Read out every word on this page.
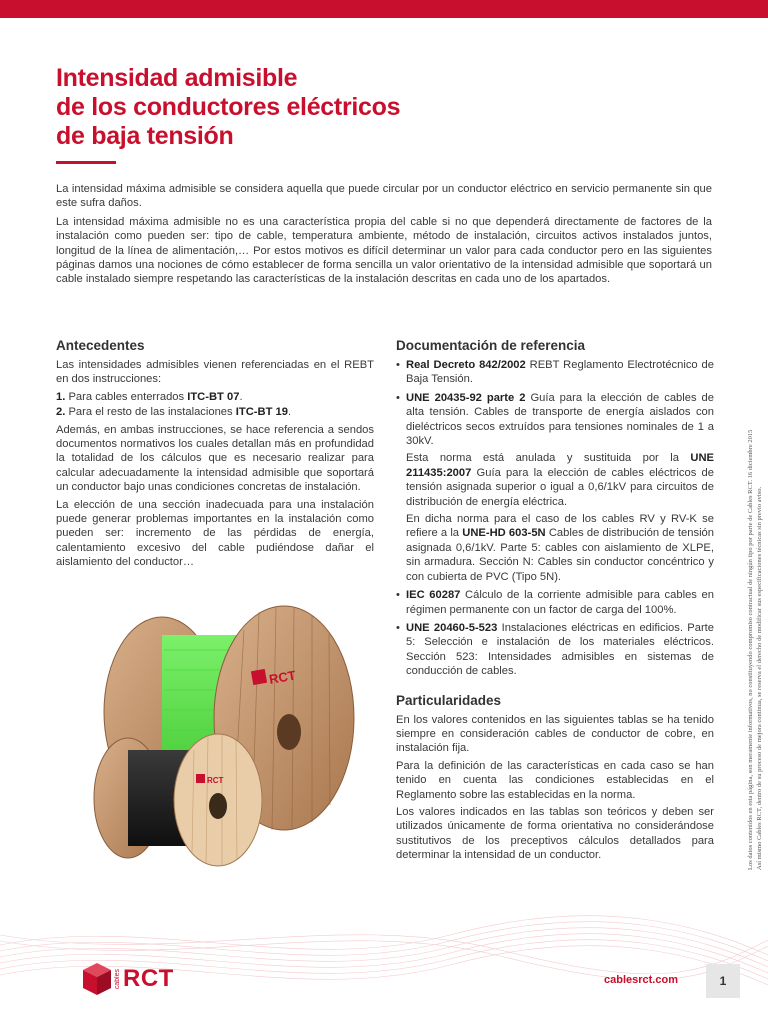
Intensidad admisible
de los conductores eléctricos
de baja tensión

La intensidad máxima admisible se considera aquella que puede circular por un conductor eléctrico en servicio permanente sin que este sufra daños.

La intensidad máxima admisible no es una característica propia del cable si no que dependerá directamente de factores de la instalación como pueden ser: tipo de cable, temperatura ambiente, método de instalación, circuitos activos instalados juntos, longitud de la línea de alimentación,… Por estos motivos es difícil determinar un valor para cada conductor pero en las siguientes páginas damos una nociones de cómo establecer de forma sencilla un valor orientativo de la intensidad admisible que soportará un cable instalado siempre respetando las características de la instalación descritas en cada uno de los apartados.

Antecedentes

Las intensidades admisibles vienen referenciadas en el REBT en dos instrucciones:

1. Para cables enterrados ITC-BT 07.

2. Para el resto de las instalaciones ITC-BT 19.

Además, en ambas instrucciones, se hace referencia a sendos documentos normativos los cuales detallan más en profundidad la totalidad de los cálculos que es necesario realizar para calcular adecuadamente la intensidad admisible que soportará un conductor bajo unas condiciones concretas de instalación.

La elección de una sección inadecuada para una instalación puede generar problemas importantes en la instalación como pueden ser: incremento de las pérdidas de energía, calentamiento excesivo del cable pudiéndose dañar el aislamiento del conductor…

RCT
RCT
Documentación de referencia
• Real Decreto 842/2002 REBT Reglamento Electrotécnico de Baja Tensión.
• UNE 20435-92 parte 2 Guía para la elección de cables de alta tensión. Cables de transporte de energía aislados con dieléctricos secos extruídos para tensiones nominales de 1 a 30kV.
Esta norma está anulada y sustituida por la UNE 211435:2007 Guía para la elección de cables eléctricos de tensión asignada superior o igual a 0,6/1kV para circuitos de distribución de energía eléctrica.
En dicha norma para el caso de los cables RV y RV-K se refiere a la UNE-HD 603-5N Cables de distribución de tensión asignada 0,6/1kV. Parte 5: cables con aislamiento de XLPE, sin armadura. Sección N: Cables sin conductor concéntrico y con cubierta de PVC (Tipo 5N).
• IEC 60287 Cálculo de la corriente admisible para cables en régimen permanente con un factor de carga del 100%.
• UNE 20460-5-523 Instalaciones eléctricas en edificios. Parte 5: Selección e instalación de los materiales eléctricos. Sección 523: Intensidades admisibles en sistemas de conducción de cables.
Particularidades

En los valores contenidos en las siguientes tablas se ha tenido siempre en consideración cables de conductor de cobre, en instalación fija.

Para la definición de las características en cada caso se han tenido en cuenta las condiciones establecidas en el Reglamento sobre las establecidas en la norma.

Los valores indicados en las tablas son teóricos y deben ser utilizados únicamente de forma orientativa no considerándose sustitutivos de los preceptivos cálculos detallados para determinar la intensidad de un conductor.	Los datos contenidos en esta página, son meramente informativos, no constituyendo compromiso contractual de ningún tipo por parte de Cables RCT. 16 diciembre 2015 Así mismo Cables RCT, dentro de su proceso de mejora continua, se reserva el derecho de modificar sus especificaciones técnicas sin previo aviso.
cables RCT	cablesrct.com	1
